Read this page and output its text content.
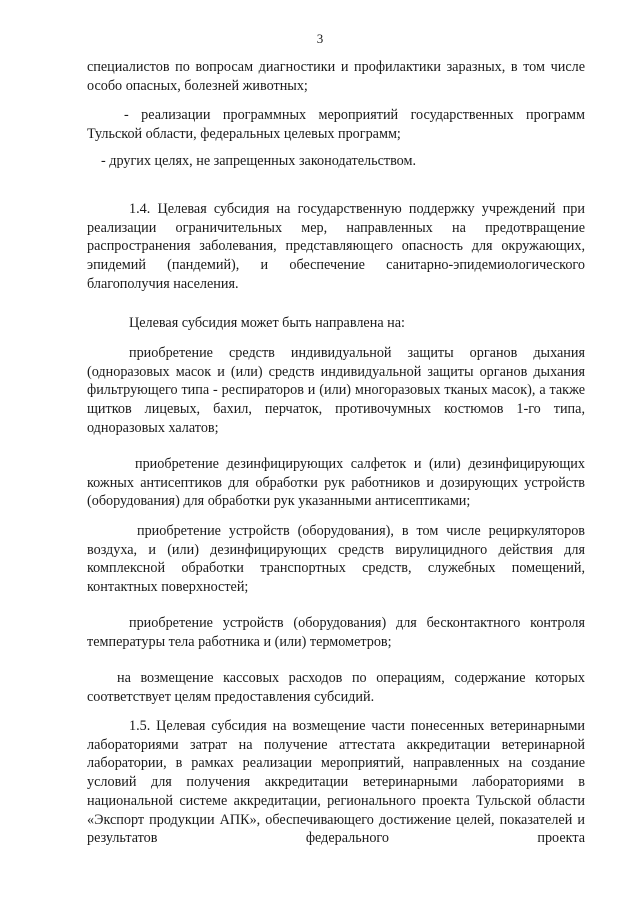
3
специалистов по вопросам диагностики и профилактики заразных, в том числе особо опасных, болезней животных;
- реализации программных мероприятий государственных программ Тульской области, федеральных целевых программ;
- других целях, не запрещенных законодательством.
1.4. Целевая субсидия на государственную поддержку учреждений при реализации ограничительных мер, направленных на предотвращение распространения заболевания, представляющего опасность для окружающих, эпидемий (пандемий), и обеспечение санитарно-эпидемиологического благополучия населения.
Целевая субсидия может быть направлена на:
приобретение средств индивидуальной защиты органов дыхания (одноразовых масок и (или) средств индивидуальной защиты органов дыхания фильтрующего типа - респираторов и (или) многоразовых тканых масок), а также щитков лицевых, бахил, перчаток, противочумных костюмов 1-го типа, одноразовых халатов;
приобретение дезинфицирующих салфеток и (или) дезинфицирующих кожных антисептиков для обработки рук работников и дозирующих устройств (оборудования) для обработки рук указанными антисептиками;
приобретение устройств (оборудования), в том числе рециркуляторов воздуха, и (или) дезинфицирующих средств вирулицидного действия для комплексной обработки транспортных средств, служебных помещений, контактных поверхностей;
приобретение устройств (оборудования) для бесконтактного контроля температуры тела работника и (или) термометров;
на возмещение кассовых расходов по операциям, содержание которых соответствует целям предоставления субсидий.
1.5. Целевая субсидия на возмещение части понесенных ветеринарными лабораториями затрат на получение аттестата аккредитации ветеринарной лаборатории, в рамках реализации мероприятий, направленных на создание условий для получения аккредитации ветеринарными лабораториями в национальной системе аккредитации, регионального проекта Тульской области «Экспорт продукции АПК», обеспечивающего достижение целей, показателей и результатов федерального проекта
